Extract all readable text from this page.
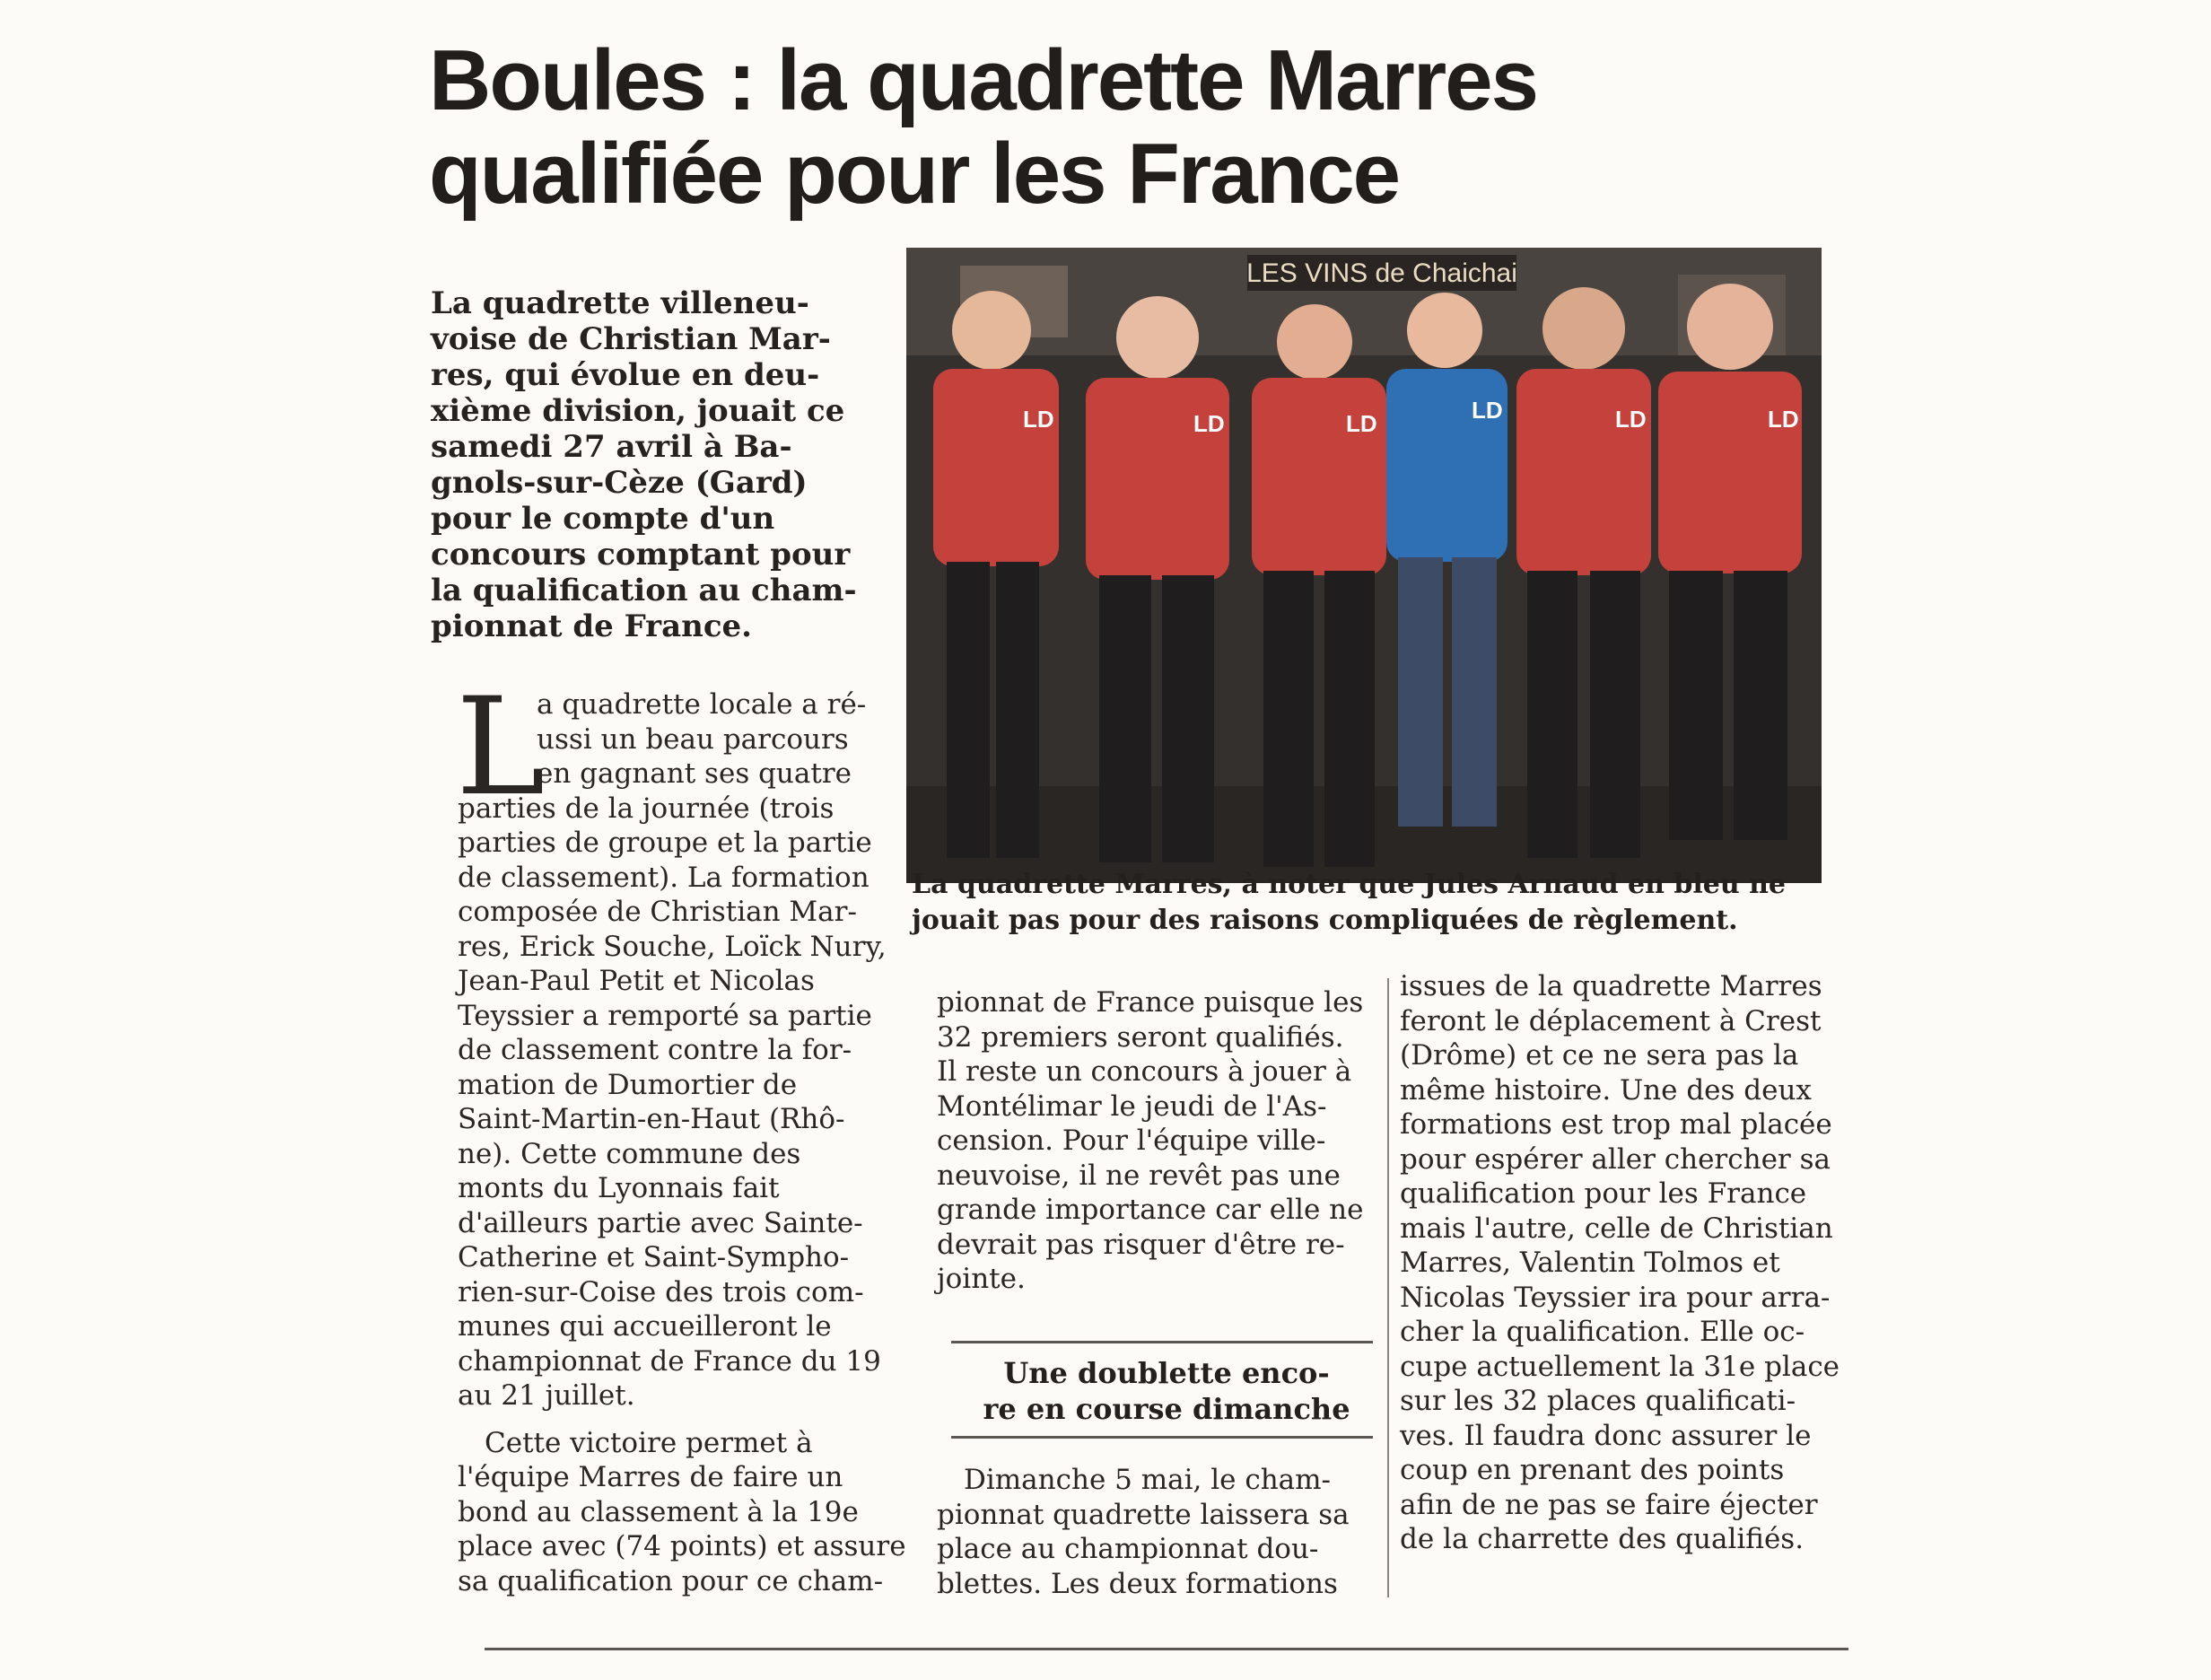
Boules : la quadrette Marres
qualifiée pour les France
La quadrette villeneu-
voise de Christian Mar-
res, qui évolue en deu-
xième division, jouait ce
samedi 27 avril à Ba-
gnols-sur-Cèze (Gard)
pour le compte d'un
concours comptant pour
la qualification au cham-
pionnat de France.
LES VINS de Chaichai
LD	LD	LD	LD	LD	LD
La quadrette Marres, à noter que Jules Arnaud en bleu ne
jouait pas pour des raisons compliquées de règlement.
L
a quadrette locale a ré-
ussi un beau parcours
en gagnant ses quatre
parties de la journée (trois
parties de groupe et la partie
de classement). La formation
composée de Christian Mar-
res, Erick Souche, Loïck Nury,
Jean-Paul Petit et Nicolas
Teyssier a remporté sa partie
de classement contre la for-
mation de Dumortier de
Saint-Martin-en-Haut (Rhô-
ne). Cette commune des
monts du Lyonnais fait
d'ailleurs partie avec Sainte-
Catherine et Saint-Sympho-
rien-sur-Coise des trois com-
munes qui accueilleront le
championnat de France du 19
au 21 juillet.
Cette victoire permet à
l'équipe Marres de faire un
bond au classement à la 19e
place avec (74 points) et assure
sa qualification pour ce cham-
pionnat de France puisque les
32 premiers seront qualifiés.
Il reste un concours à jouer à
Montélimar le jeudi de l'As-
cension. Pour l'équipe ville-
neuvoise, il ne revêt pas une
grande importance car elle ne
devrait pas risquer d'être re-
jointe.
Une doublette enco-
re en course dimanche
Dimanche 5 mai, le cham-
pionnat quadrette laissera sa
place au championnat dou-
blettes. Les deux formations
issues de la quadrette Marres
feront le déplacement à Crest
(Drôme) et ce ne sera pas la
même histoire. Une des deux
formations est trop mal placée
pour espérer aller chercher sa
qualification pour les France
mais l'autre, celle de Christian
Marres, Valentin Tolmos et
Nicolas Teyssier ira pour arra-
cher la qualification. Elle oc-
cupe actuellement la 31e place
sur les 32 places qualificati-
ves. Il faudra donc assurer le
coup en prenant des points
afin de ne pas se faire éjecter
de la charrette des qualifiés.
